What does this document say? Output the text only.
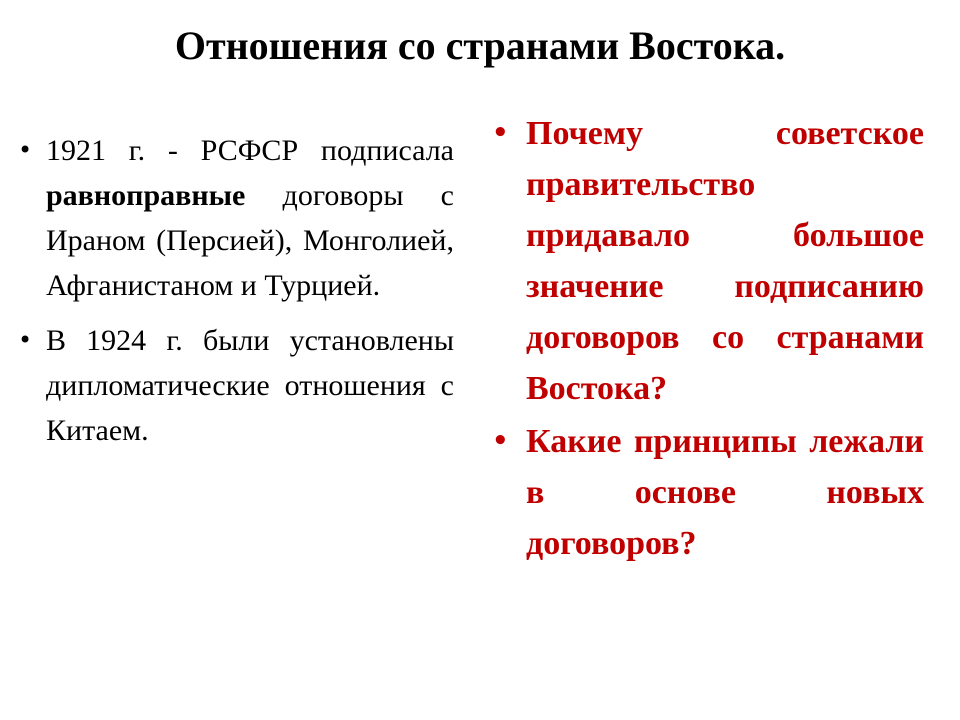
Отношения со странами Востока.
• 1921 г. - РСФСР подписала равноправные договоры с Ираном (Персией), Монголией, Афганистаном и Турцией.
• В 1924 г. были установлены дипломатические отношения с Китаем.
• Почему советское правительство придавало большое значение подписанию договоров со странами Востока?
• Какие принципы лежали в основе новых договоров?
